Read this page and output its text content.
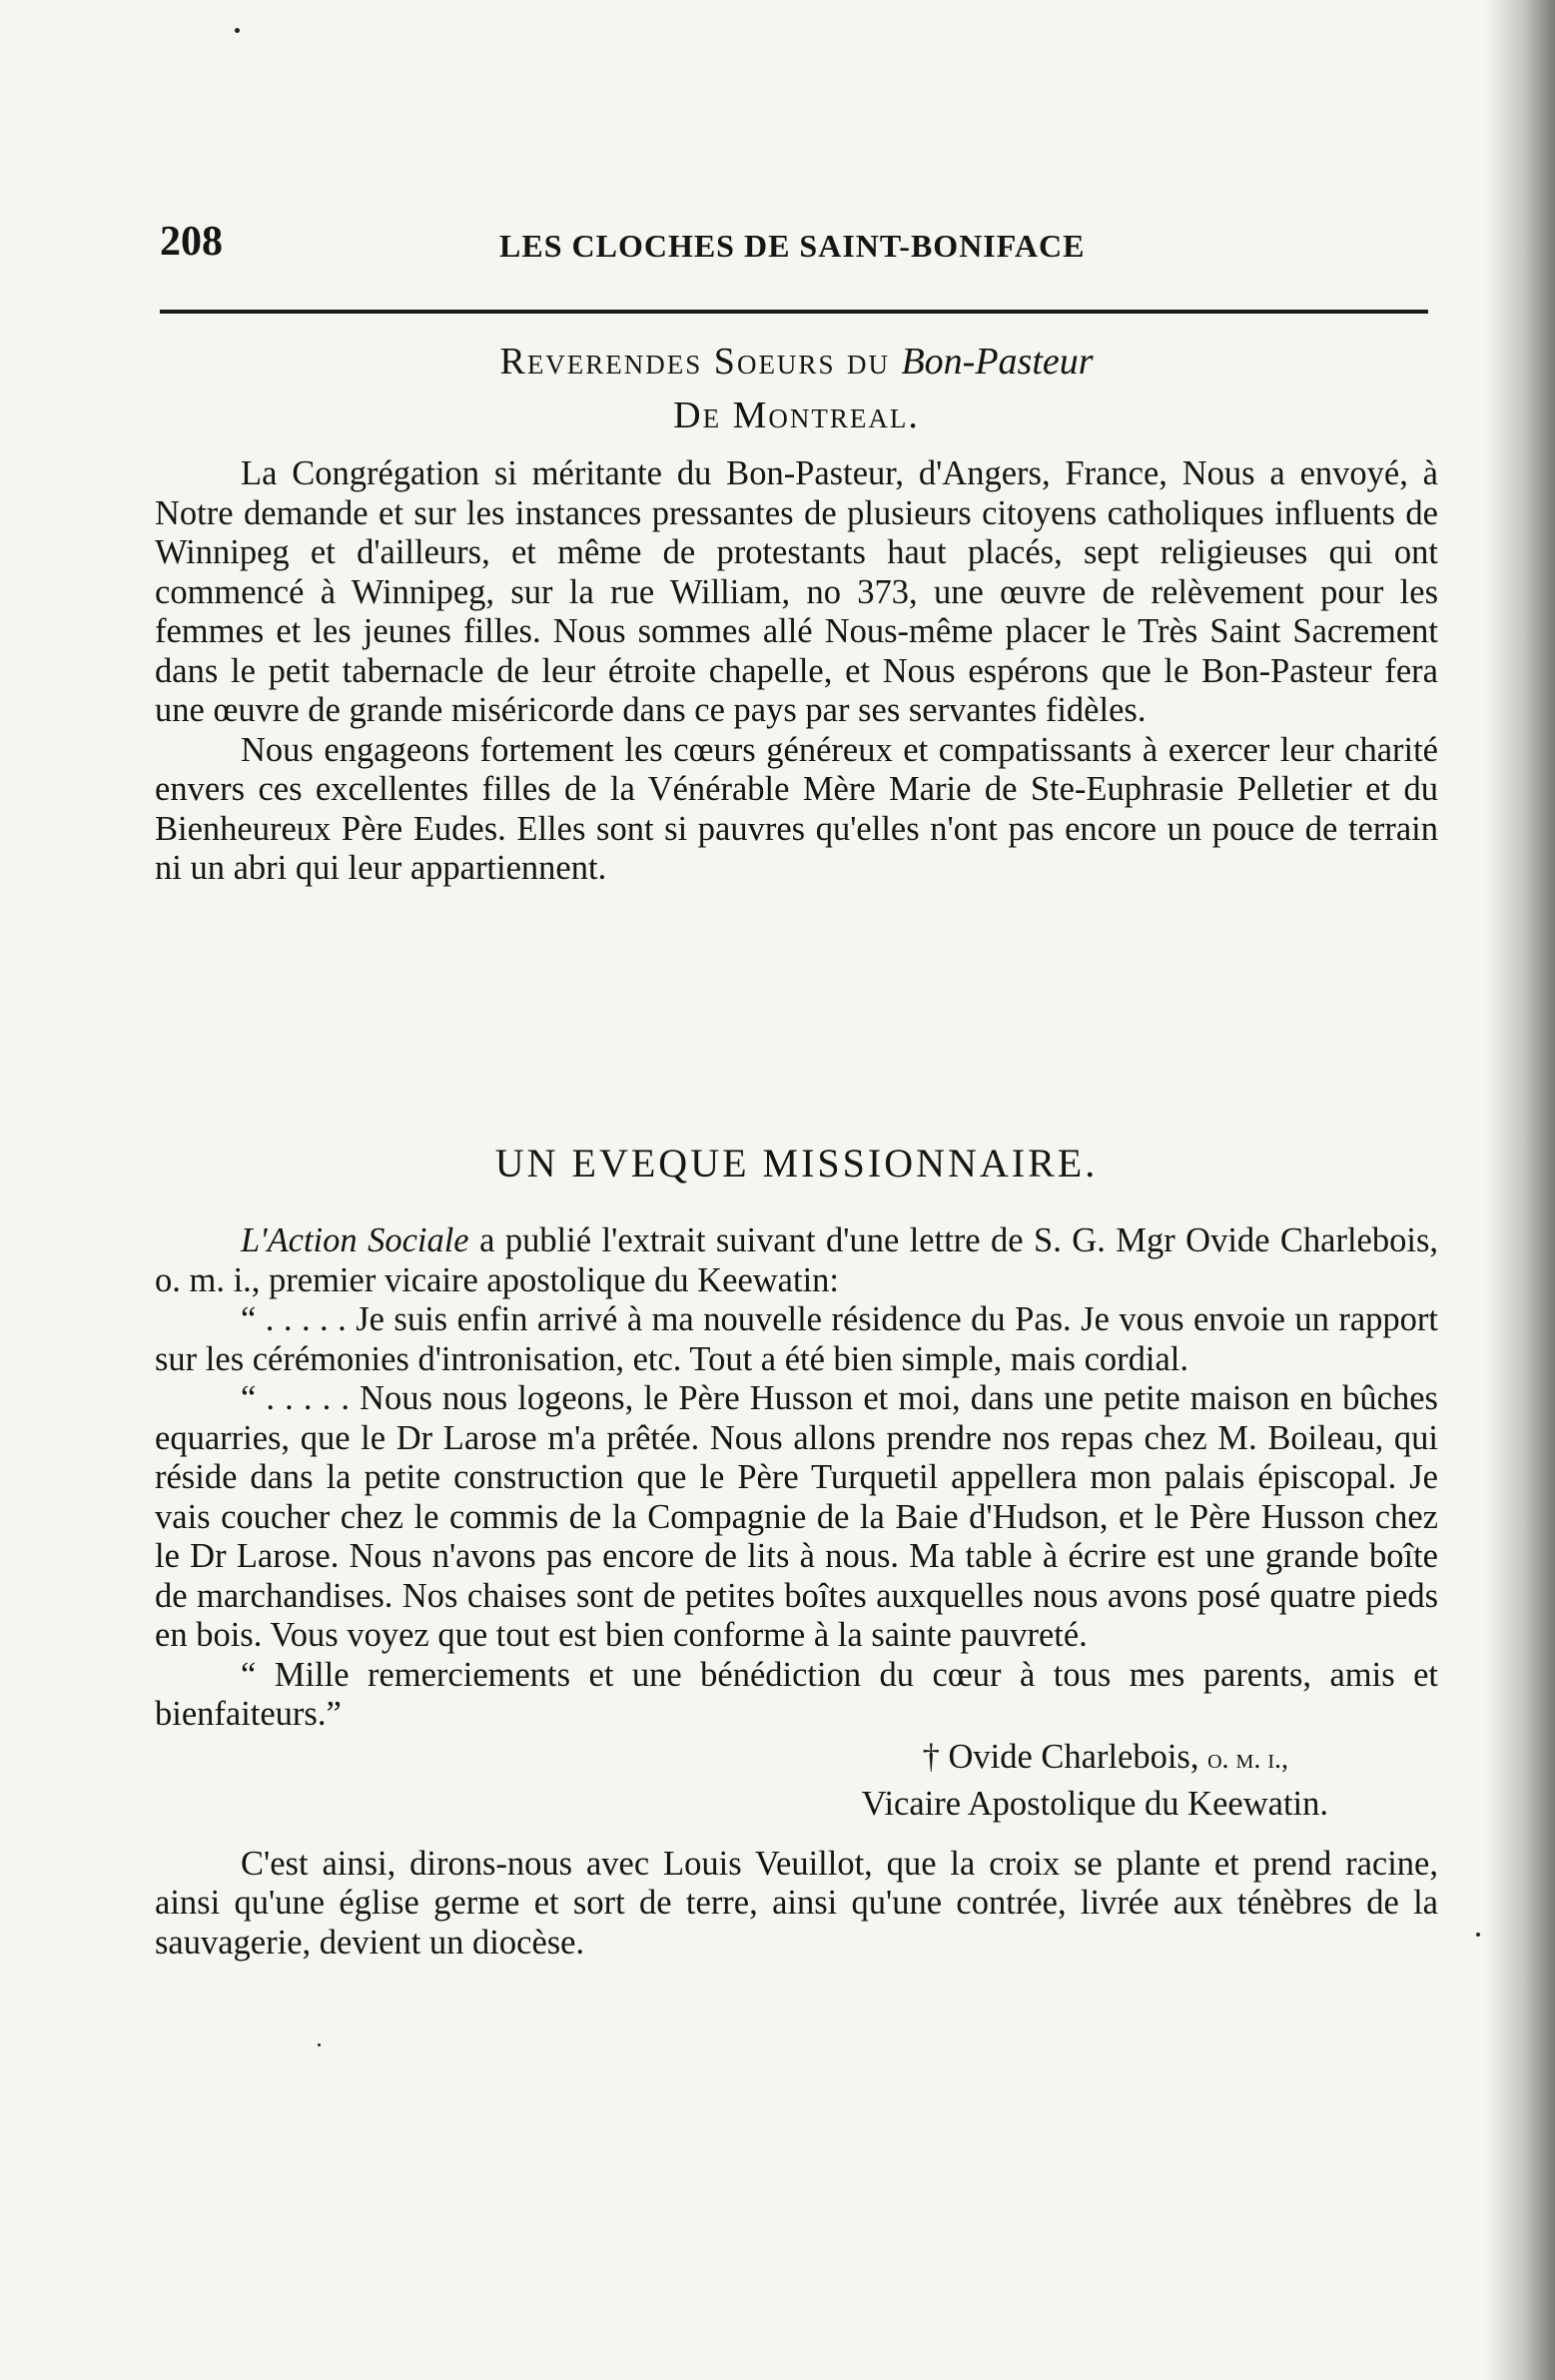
208	LES CLOCHES DE SAINT-BONIFACE
Reverendes Soeurs du Bon-Pasteur
De Montreal.

La Congrégation si méritante du Bon-Pasteur, d'Angers, France, Nous a envoyé, à Notre demande et sur les instances pressantes de plusieurs citoyens catholiques influents de Winnipeg et d'ailleurs, et même de protestants haut placés, sept religieuses qui ont commencé à Winnipeg, sur la rue William, no 373, une œuvre de relèvement pour les femmes et les jeunes filles. Nous sommes allé Nous-même placer le Très Saint Sacrement dans le petit tabernacle de leur étroite chapelle, et Nous espérons que le Bon-Pasteur fera une œuvre de grande miséricorde dans ce pays par ses servantes fidèles.

Nous engageons fortement les cœurs généreux et compatissants à exercer leur charité envers ces excellentes filles de la Vénérable Mère Marie de Ste-Euphrasie Pelletier et du Bienheureux Père Eudes. Elles sont si pauvres qu'elles n'ont pas encore un pouce de terrain ni un abri qui leur appartiennent.

UN EVEQUE MISSIONNAIRE.

L'Action Sociale a publié l'extrait suivant d'une lettre de S. G. Mgr Ovide Charlebois, o. m. i., premier vicaire apostolique du Keewatin:

“ . . . . . Je suis enfin arrivé à ma nouvelle résidence du Pas. Je vous envoie un rapport sur les cérémonies d'intronisation, etc. Tout a été bien simple, mais cordial.

“ . . . . . Nous nous logeons, le Père Husson et moi, dans une petite maison en bûches equarries, que le Dr Larose m'a prêtée. Nous allons prendre nos repas chez M. Boileau, qui réside dans la petite construction que le Père Turquetil appellera mon palais épiscopal. Je vais coucher chez le commis de la Compagnie de la Baie d'Hudson, et le Père Husson chez le Dr Larose. Nous n'avons pas encore de lits à nous. Ma table à écrire est une grande boîte de marchandises. Nos chaises sont de petites boîtes auxquelles nous avons posé quatre pieds en bois. Vous voyez que tout est bien conforme à la sainte pauvreté.

“ Mille remerciements et une bénédiction du cœur à tous mes parents, amis et bienfaiteurs.”

† Ovide Charlebois, o. m. i.,

Vicaire Apostolique du Keewatin.

C'est ainsi, dirons-nous avec Louis Veuillot, que la croix se plante et prend racine, ainsi qu'une église germe et sort de terre, ainsi qu'une contrée, livrée aux ténèbres de la sauvagerie, devient un diocèse.
